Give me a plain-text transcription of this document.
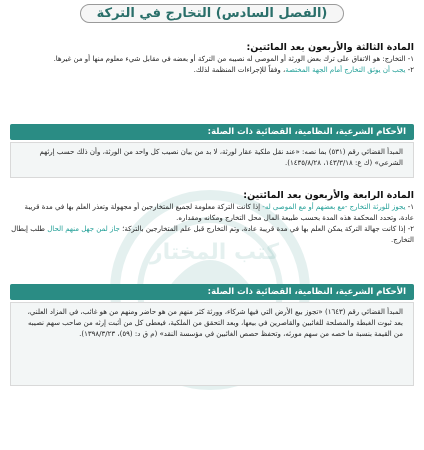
كتب المختار
(الفصل السادس) التخارج في التركة
المادة الثالثة والأربعون بعد المائتين:
١- التخارج: هو الاتفاق على ترك بعض الورثة أو الموصى له نصيبه من التركة أو بعضه في مقابل شيء معلوم منها أو من غيرها.
٢- يجب أن يوثق التخارج أمام الجهة المختصة، وفقاً للإجراءات المنظمة لذلك.
الأحكام الشرعية، النظامية، القضائية ذات الصلة:
المبدأ القضائي رقم (٥٣١) بما نصه: «عند نقل ملكية عقار لورثة، لا بد من بيان نصيب كل واحد من الورثة، وأن ذلك حسب إرثهم الشرعي» (ك ع: ١٤٣/٣/١٨، ١٤٣٥/٨/٢٨).
المادة الرابعة والأربعون بعد المائتين:
١- يجوز للورثة التخارج -مع بعضهم أو مع الموصى له- إذا كانت التركة معلومة لجميع المتخارجين أو مجهولة وتعذر العلم بها في مدة قريبة عادة، وتحدد المحكمة هذه المدة بحسب طبيعة المال محل التخارج ومكانه ومقداره.
٢- إذا كانت جهالة التركة يمكن العلم بها في مدة قريبة عادة، وتم التخارج قبل علم المتخارجين بالتركة؛ جاز لمن جهل منهم الحال طلب إبطال التخارج.
الأحكام الشرعية، النظامية، القضائية ذات الصلة:
المبدأ القضائي رقم (١٦٤٣) «تجوز بيع الأرض التي فيها شركاء، وورثة كثر منهم من هو حاضر ومنهم من هو غائب، في المزاد العلني، بعد ثبوت الغبطة والمصلحة للغائبين والقاصرين في بيعها، وبعد التحقق من الملكية، فيعطى كل من أثبت إرثه من صاحب سهم نصيبه من القيمة بنسبة ما خصه من سهم مورثه، وتحفظ حصص الغائبين في مؤسسة النقد» (م ق د: (٥٩)، ١٣٩٨/٣/٢٣).
